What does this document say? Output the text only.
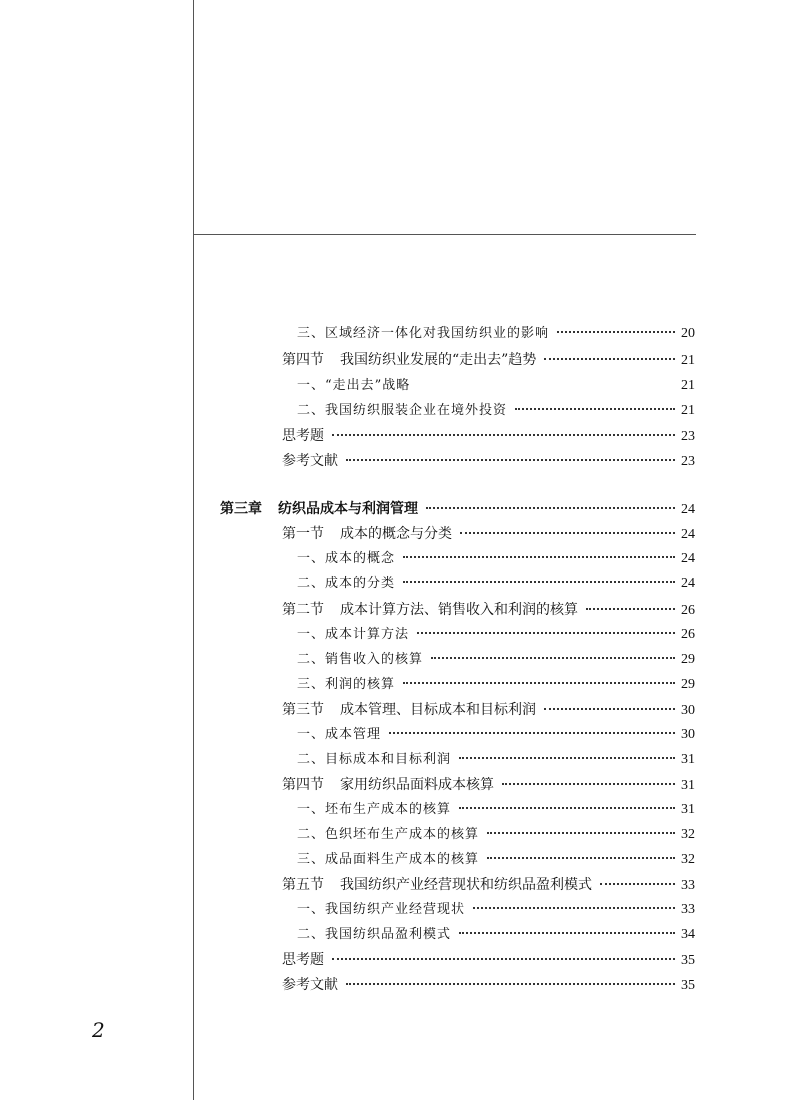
三、区域经济一体化对我国纺织业的影响	20
第四节 我国纺织业发展的“走出去”趋势	21
一、“走出去”战略	21
二、我国纺织服装企业在境外投资	21
思考题	23
参考文献	23
第三章	纺织品成本与利润管理	24
第一节 成本的概念与分类	24
一、成本的概念	24
二、成本的分类	24
第二节 成本计算方法、销售收入和利润的核算	26
一、成本计算方法	26
二、销售收入的核算	29
三、利润的核算	29
第三节 成本管理、目标成本和目标利润	30
一、成本管理	30
二、目标成本和目标利润	31
第四节 家用纺织品面料成本核算	31
一、坯布生产成本的核算	31
二、色织坯布生产成本的核算	32
三、成品面料生产成本的核算	32
第五节 我国纺织产业经营现状和纺织品盈利模式	33
一、我国纺织产业经营现状	33
二、我国纺织品盈利模式	34
思考题	35
参考文献	35
2
